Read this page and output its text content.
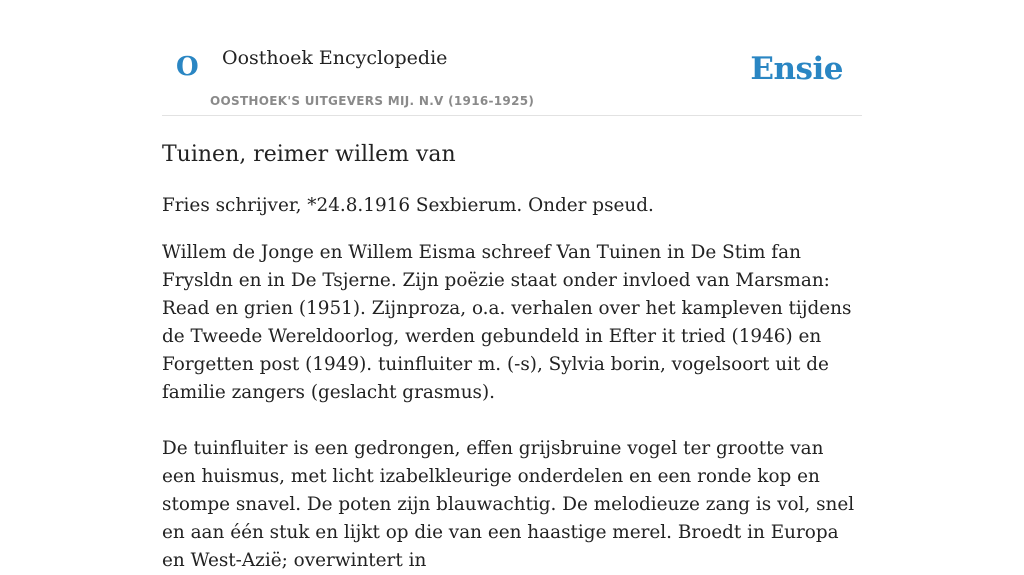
O Oosthoek Encyclopedie
OOSTHOEK'S UITGEVERS MIJ. N.V (1916-1925)
Ensie
Tuinen, reimer willem van

Fries schrijver, *24.8.1916 Sexbierum. Onder pseud.

Willem de Jonge en Willem Eisma schreef Van Tuinen in De Stim fan Frysldn en in De Tsjerne. Zijn poëzie staat onder invloed van Marsman: Read en grien (1951). Zijnproza, o.a. verhalen over het kampleven tijdens de Tweede Wereldoorlog, werden gebundeld in Efter it tried (1946) en Forgetten post (1949). tuinfluiter m. (-s), Sylvia borin, vogelsoort uit de familie zangers (geslacht grasmus).

De tuinfluiter is een gedrongen, effen grijsbruine vogel ter grootte van een huismus, met licht izabelkleurige onderdelen en een ronde kop en stompe snavel. De poten zijn blauwachtig. De melodieuze zang is vol, snel en aan één stuk en lijkt op die van een haastige merel. Broedt in Europa en West-Azië; overwintert in
